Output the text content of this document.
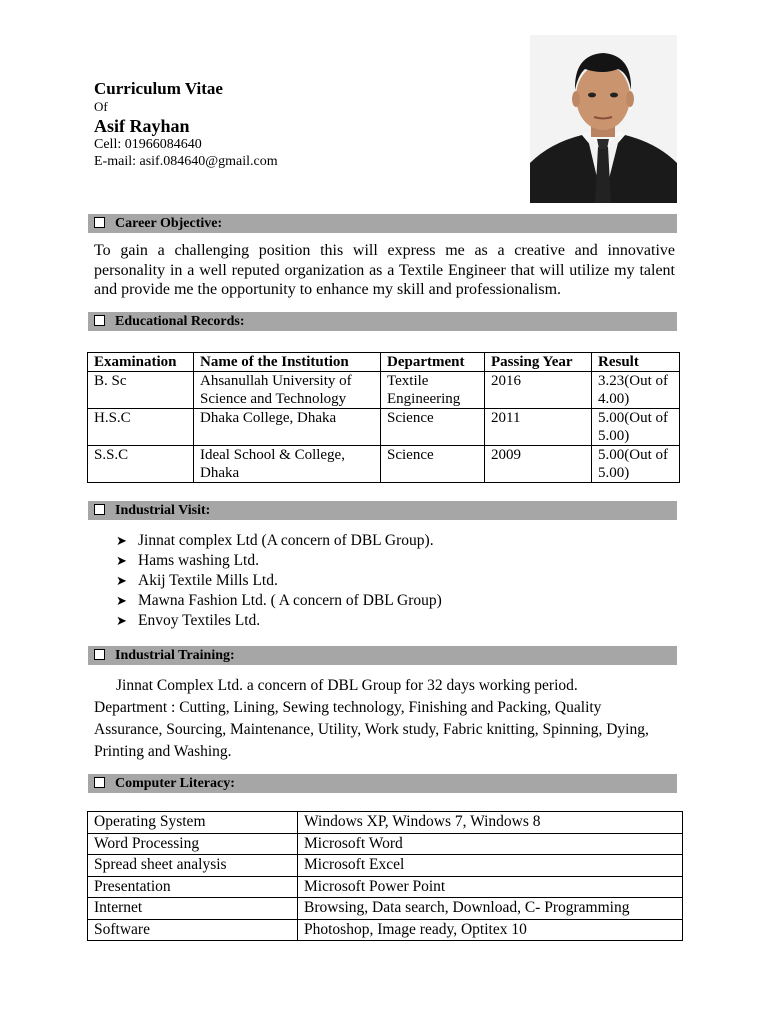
Curriculum Vitae
Of
Asif Rayhan
Cell: 01966084640
E-mail: asif.084640@gmail.com
Career Objective:
To gain a challenging position this will express me as a creative and innovative personality in a well reputed organization as a Textile Engineer that will utilize my talent and provide me the opportunity to enhance my skill and professionalism.
Educational Records:
Examination	Name of the Institution	Department	Passing Year	Result
B. Sc	Ahsanullah University of Science and Technology	Textile Engineering	2016	3.23(Out of 4.00)
H.S.C	Dhaka College, Dhaka	Science	2011	5.00(Out of 5.00)
S.S.C	Ideal School & College, Dhaka	Science	2009	5.00(Out of 5.00)
Industrial Visit:
➤ Jinnat complex Ltd (A concern of DBL Group).
➤ Hams washing Ltd.
➤ Akij Textile Mills Ltd.
➤ Mawna Fashion Ltd. ( A concern of DBL Group)
➤ Envoy Textiles Ltd.
Industrial Training:
Jinnat Complex Ltd. a concern of DBL Group for 32 days working period.
Department : Cutting, Lining, Sewing technology, Finishing and Packing, Quality Assurance, Sourcing, Maintenance, Utility, Work study, Fabric knitting, Spinning, Dying, Printing and Washing.
Computer Literacy:
Operating System	Windows XP, Windows 7, Windows 8
Word Processing	Microsoft Word
Spread sheet analysis	Microsoft Excel
Presentation	Microsoft Power Point
Internet	Browsing, Data search, Download, C- Programming
Software	Photoshop, Image ready, Optitex 10
